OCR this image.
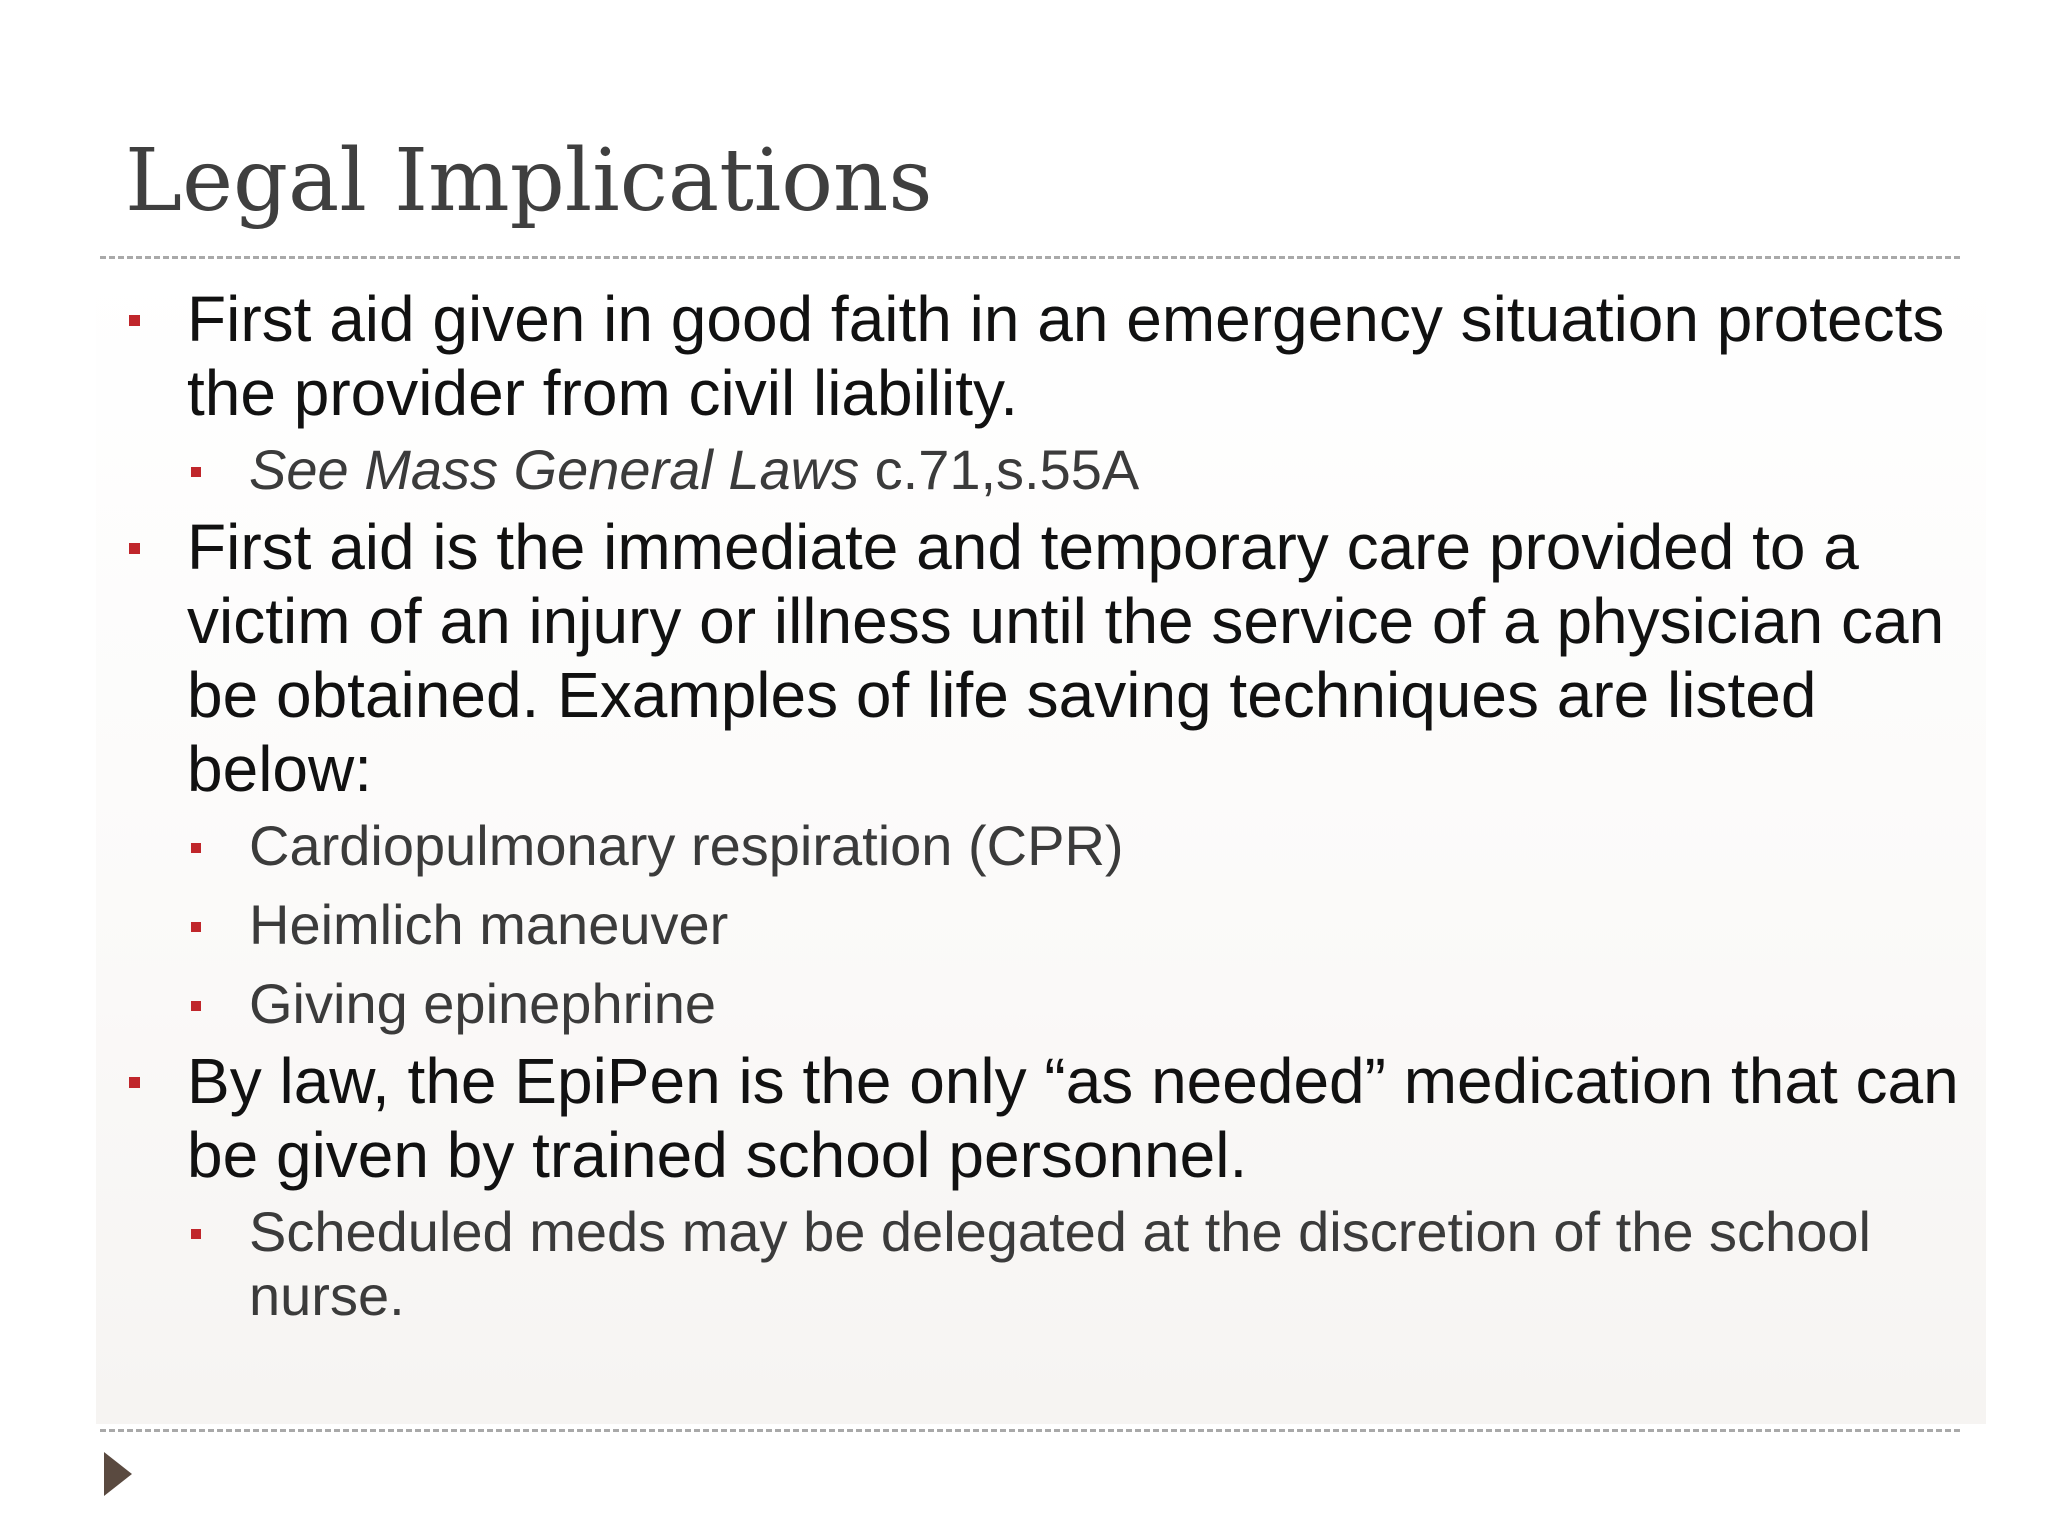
Legal Implications
First aid given in good faith in an emergency situation protects the provider from civil liability.
See Mass General Laws c.71,s.55A
First aid is the immediate and temporary care provided to a victim of an injury or illness until the service of a physician can be obtained. Examples of life saving techniques are listed below:
Cardiopulmonary respiration (CPR)
Heimlich maneuver
Giving epinephrine
By law, the EpiPen is the only “as needed” medication that can be given by trained school personnel.
Scheduled meds may be delegated at the discretion of the school nurse.
